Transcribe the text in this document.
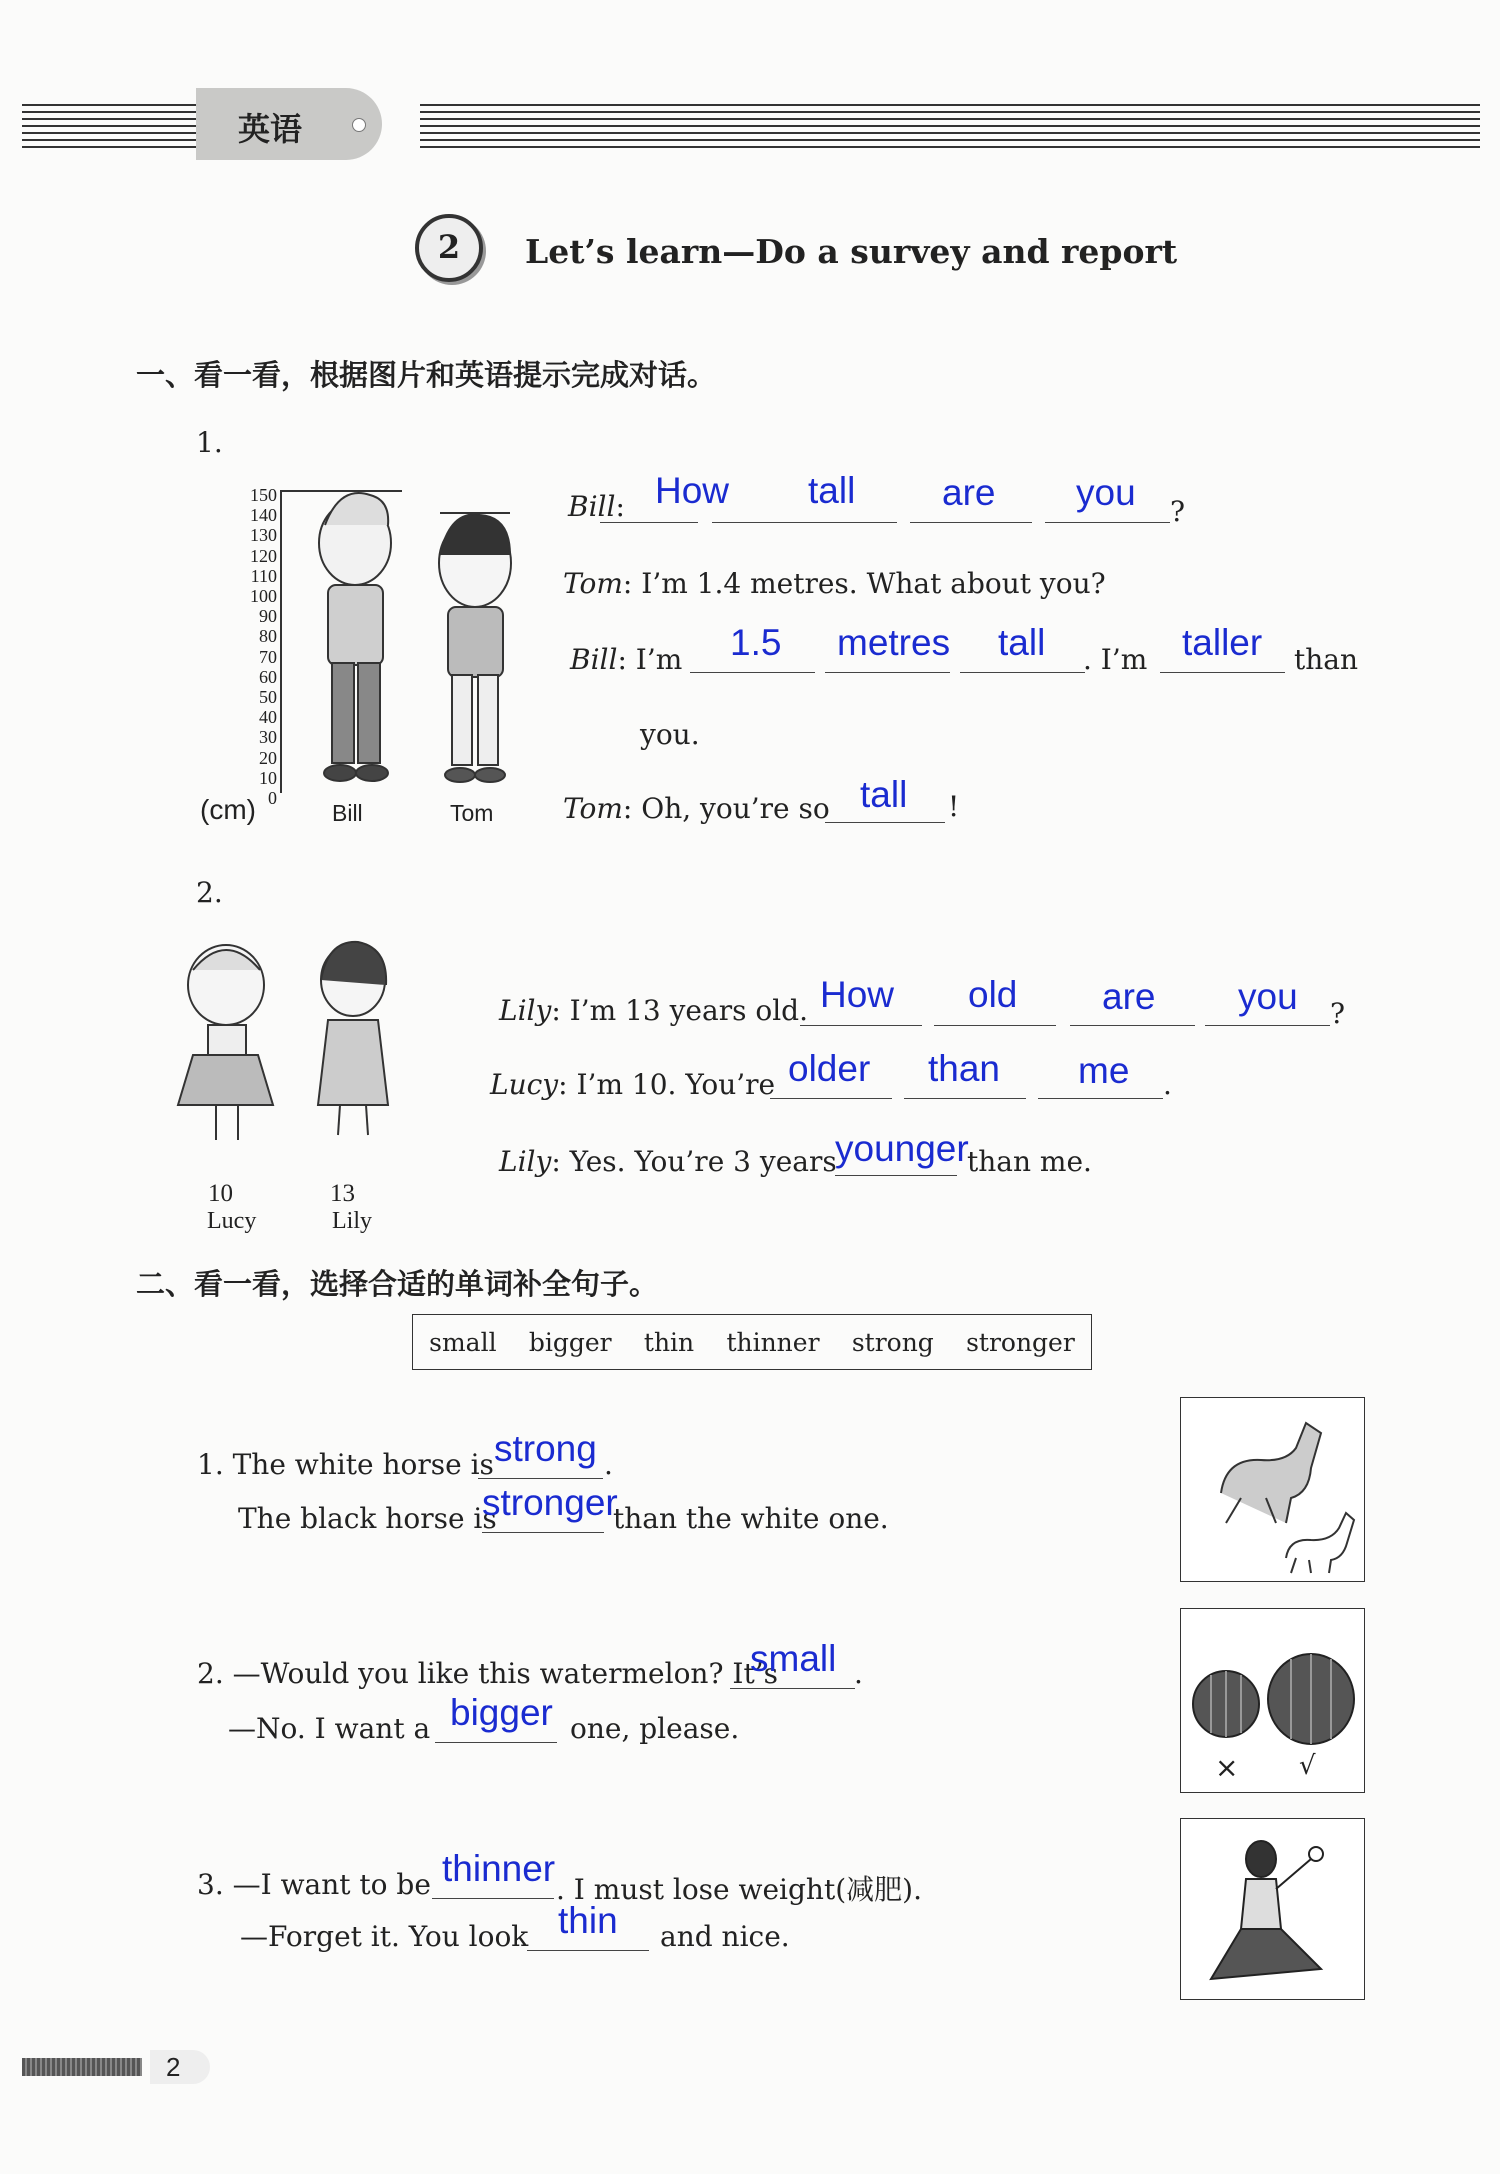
英语
2	Let’s learn—Do a survey and report
一、看一看，根据图片和英语提示完成对话。
1.
150
140
130
120
110
100
90
80
70
60
50
40
30
20
10
0
(cm)	Bill	Tom
Bill: How tall are you ?
Tom: I’m 1.4 metres. What about you?
Bill: I’m 1.5 metres tall . I’m taller than
you.
Tom: Oh, you’re so tall !
2.
10
Lucy
13
Lily
Lily: I’m 13 years old. How old are you ?
Lucy: I’m 10. You’re older than me .
Lily: Yes. You’re 3 years
younger
than me.
二、看一看，选择合适的单词补全句子。
small bigger thin thinner strong stronger
1. The white horse is strong .
The black horse is
stronger
than the white one.
2. —Would you like this watermelon? It’s
small .
—No. I want a bigger one, please.
× √
3. —I want to be thinner
. I must lose weight(减肥).
—Forget it. You look thin and nice.
2
